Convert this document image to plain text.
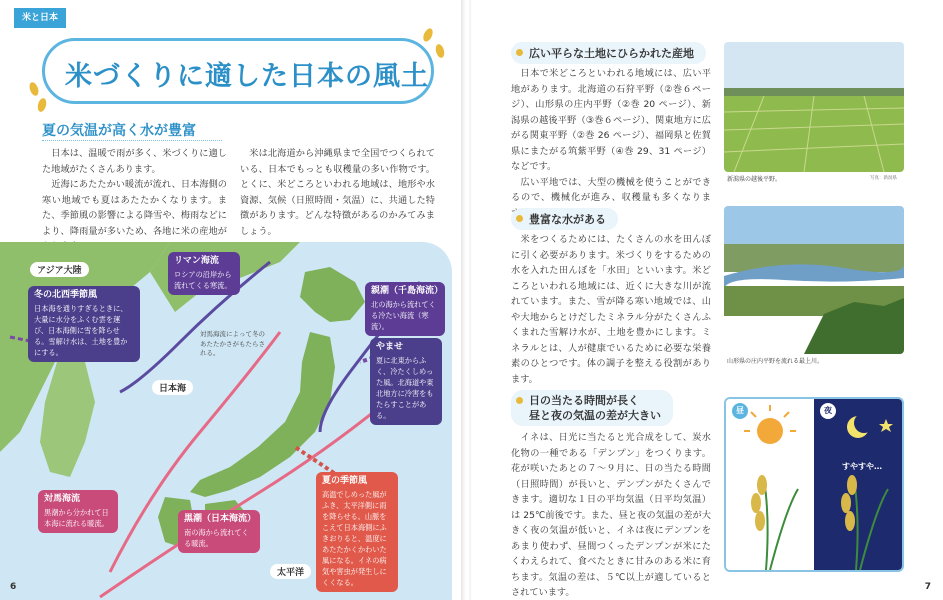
米と日本
米づくりに適した日本の風土
夏の気温が高く水が豊富
　日本は、温暖で雨が多く、米づくりに適した地域がたくさんあります。
　近海にあたたかい暖流が流れ、日本海側の寒い地域でも夏はあたたかくなります。また、季節風の影響による降雪や、梅雨などにより、降雨量が多いため、各地に米の産地が
　米は北海道から沖縄県まで全国でつくられている、日本でもっとも収穫量の多い作物です。とくに、米どころといわれる地域は、地形や水資源、気候（日照時間・気温）に、共通した特徴があります。どんな特徴があるのかみてみましょう。
アジア大陸
日本海
太平洋
冬の北西季節風
日本海を通りすぎるときに、大量に水分をふくむ雲を運び、日本海側に雪を降らせる。雪解け水は、土地を豊かにする。
リマン海流
ロシアの沿岸から流れてくる寒流。
対馬海流によって冬のあたたかさがもたらされる。
親潮（千島海流）
北の海から流れてくる冷たい海流（寒流）。
やませ
夏に北東からふく、冷たくしめった風。北海道や東北地方に冷害をもたらすことがある。
対馬海流
黒潮から分かれて日本海に流れる暖流。	黒潮（日本海流）
南の海から流れてくる暖流。
夏の季節風
高温でしめった風がふき、太平洋側に雨を降らせる。山脈をこえて日本海側にふきおりると、温度にあたたかくかわいた風になる。イネの病気や害虫が発生しにくくなる。
6
広い平らな土地にひらかれた産地
　日本で米どころといわれる地域には、広い平地があります。北海道の石狩平野（②巻６ページ）、山形県の庄内平野（②巻 20 ページ）、新潟県の越後平野（③巻６ページ）、関東地方に広がる関東平野（②巻 26 ページ）、福岡県と佐賀県にまたがる筑紫平野（④巻 29、31 ページ）などです。
　広い平地では、大型の機械を使うことができるので、機械化が進み、収穫量も多くなりま
新潟県の越後平野。	写真：新潟県
豊富な水がある
　米をつくるためには、たくさんの水を田んぼに引く必要があります。米づくりをするための水を入れた田んぼを「水田」といいます。米どころといわれる地域には、近くに大きな川が流れています。また、雪が降る寒い地域では、山や大地からとけだしたミネラル分がたくさんふくまれた雪解け水が、土地を豊かにします。ミネラルとは、人が健康でいるために必要な栄養素のひとつです。体の調子を整える役割があります。
山形県の庄内平野を流れる最上川。
日の当たる時間が長く
昼と夜の気温の差が大きい
　イネは、日光に当たると光合成をして、炭水化物の一種である「デンプン」をつくります。花が咲いたあとの７〜９月に、日の当たる時間（日照時間）が長いと、デンプンがたくさんできます。適切な１日の平均気温（日平均気温）は 25℃前後です。また、昼と夜の気温の差が大きく夜の気温が低いと、イネは夜にデンプンをあまり使わず、昼間つくったデンプンが米にたくわえられて、食べたときに甘みのある米に育ちます。気温の差は、５℃以上が適しているとされています。
昼	夜
すやすや…
7
